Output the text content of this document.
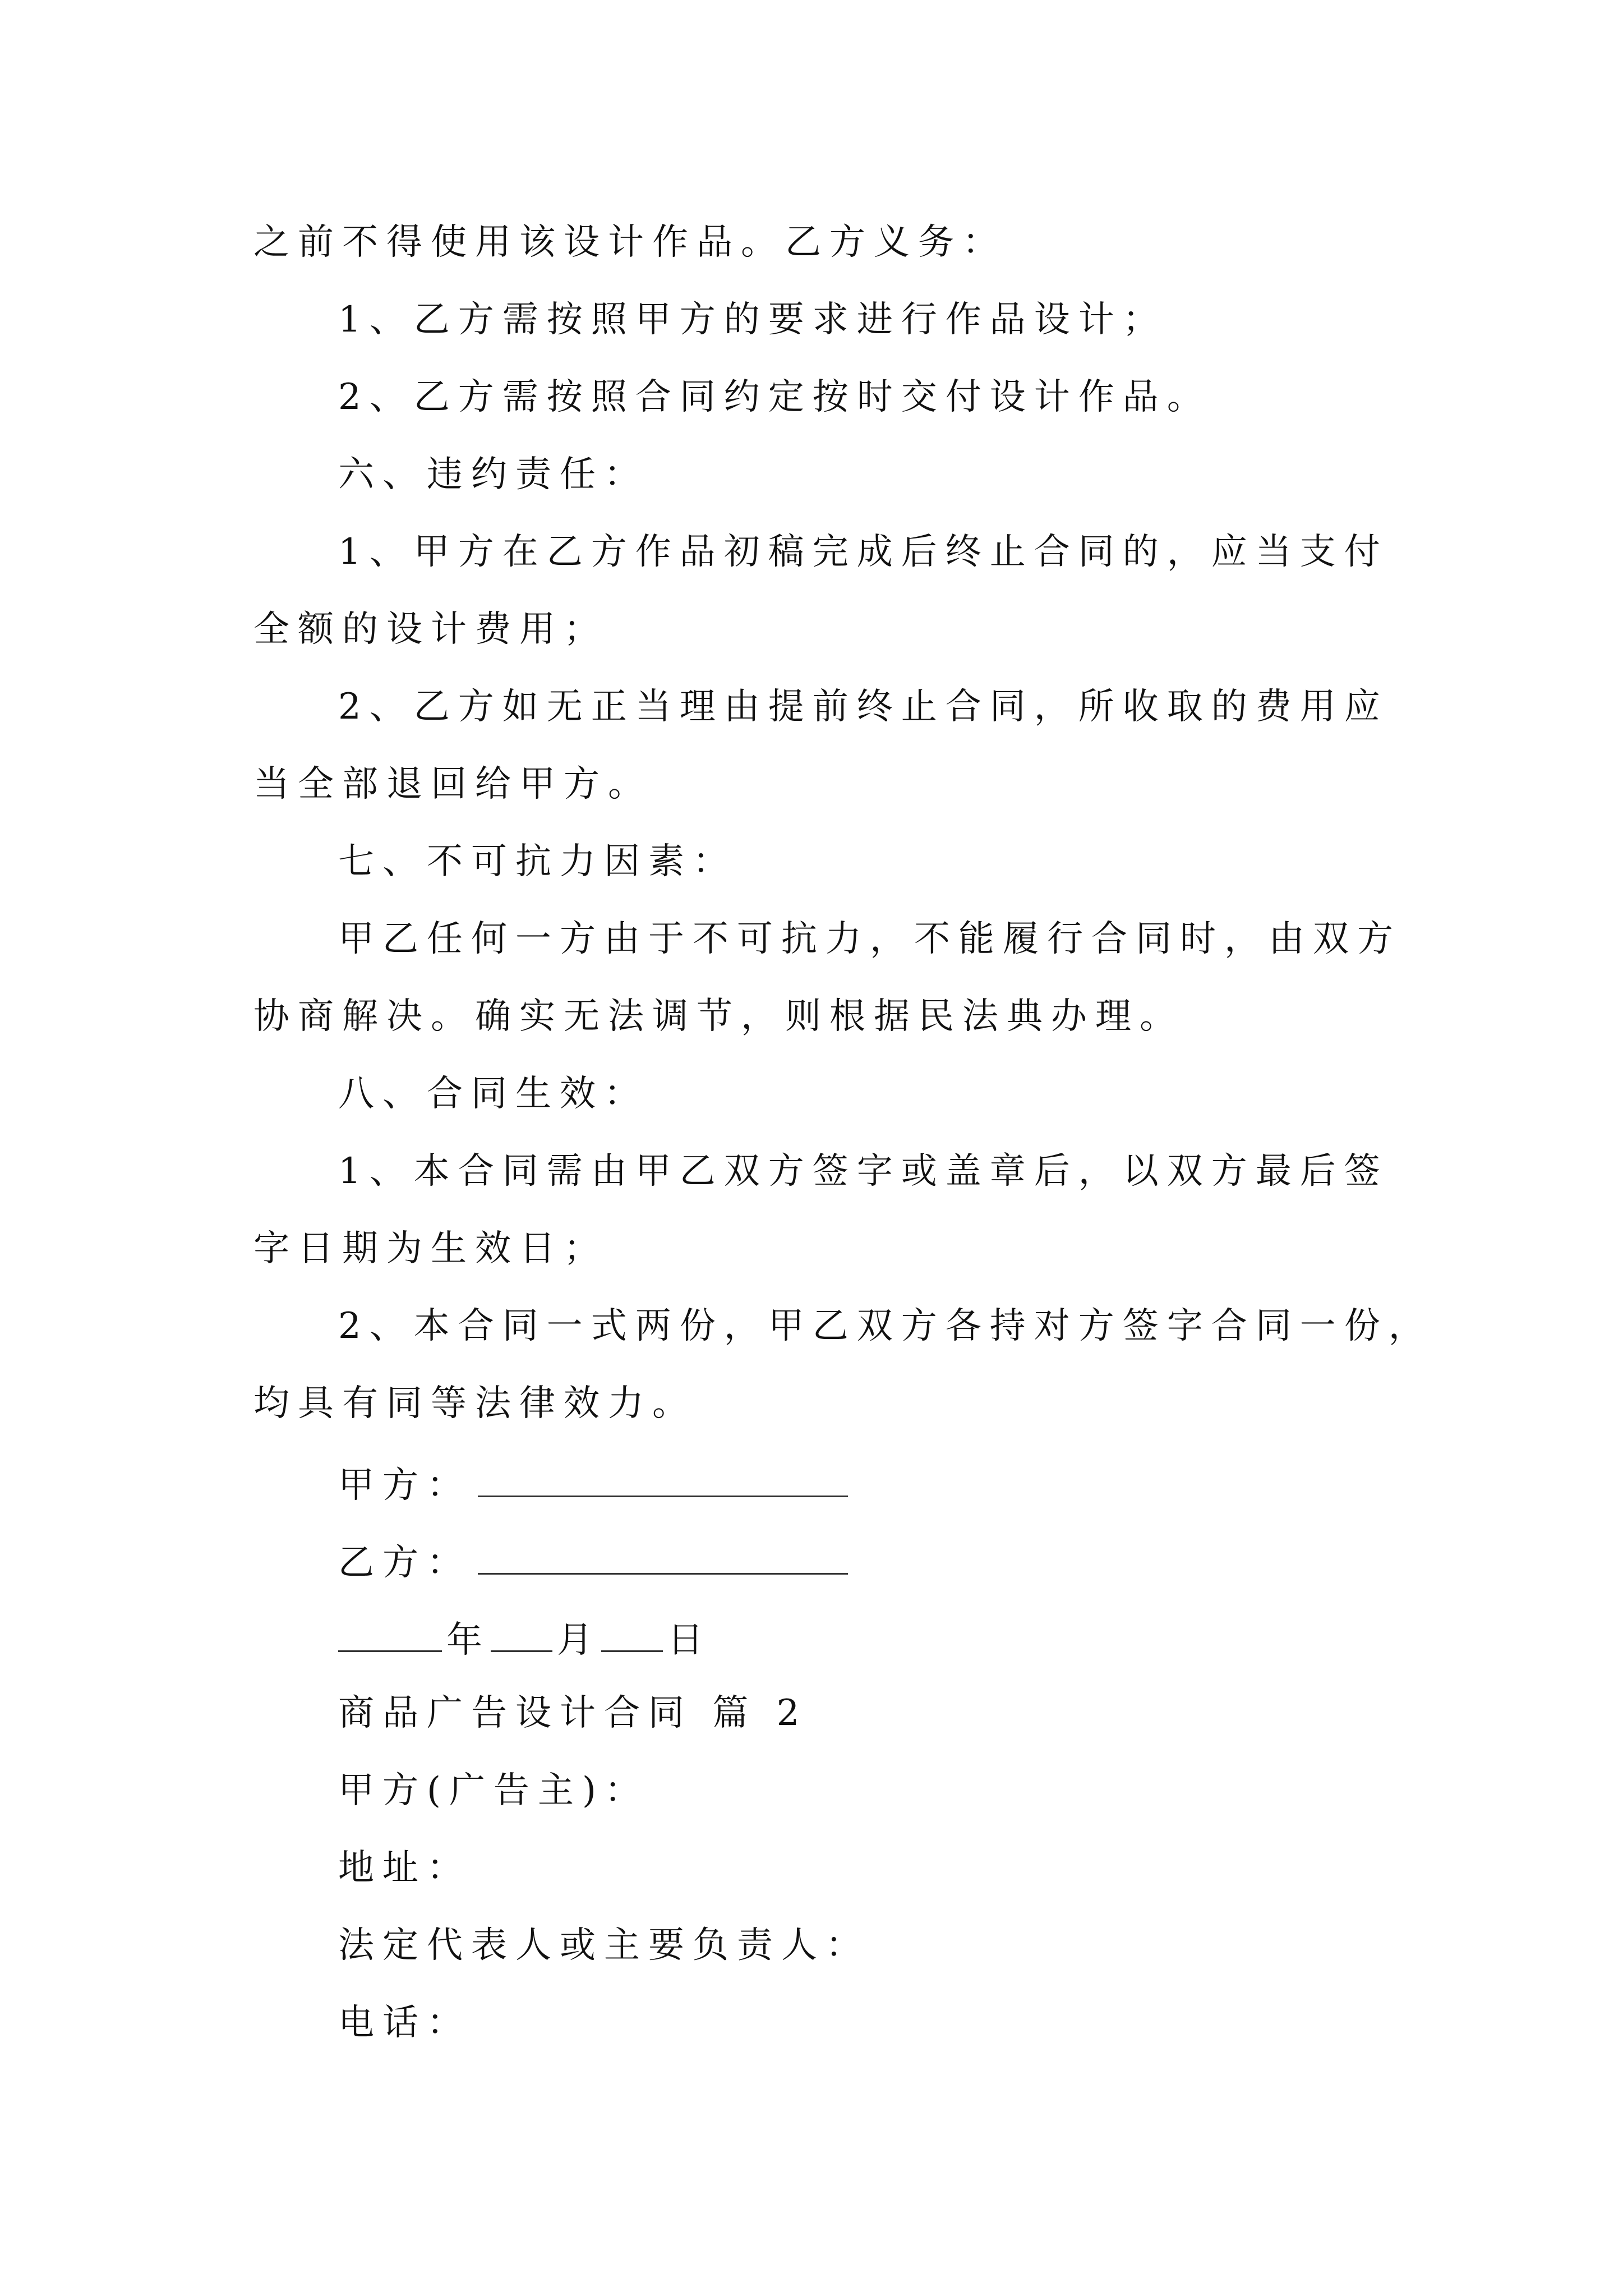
之前不得使用该设计作品。乙方义务：
1、乙方需按照甲方的要求进行作品设计；
2、乙方需按照合同约定按时交付设计作品。
六、违约责任：
1、甲方在乙方作品初稿完成后终止合同的，应当支付
全额的设计费用；
2、乙方如无正当理由提前终止合同，所收取的费用应
当全部退回给甲方。
七、不可抗力因素：
甲乙任何一方由于不可抗力，不能履行合同时，由双方
协商解决。确实无法调节，则根据民法典办理。
八、合同生效：
1、本合同需由甲乙双方签字或盖章后，以双方最后签
字日期为生效日；
2、本合同一式两份，甲乙双方各持对方签字合同一份，
均具有同等法律效力。
甲方：
乙方：
年 月 日
商品广告设计合同 篇 2
甲方(广告主)：
地址：
法定代表人或主要负责人：
电话：
